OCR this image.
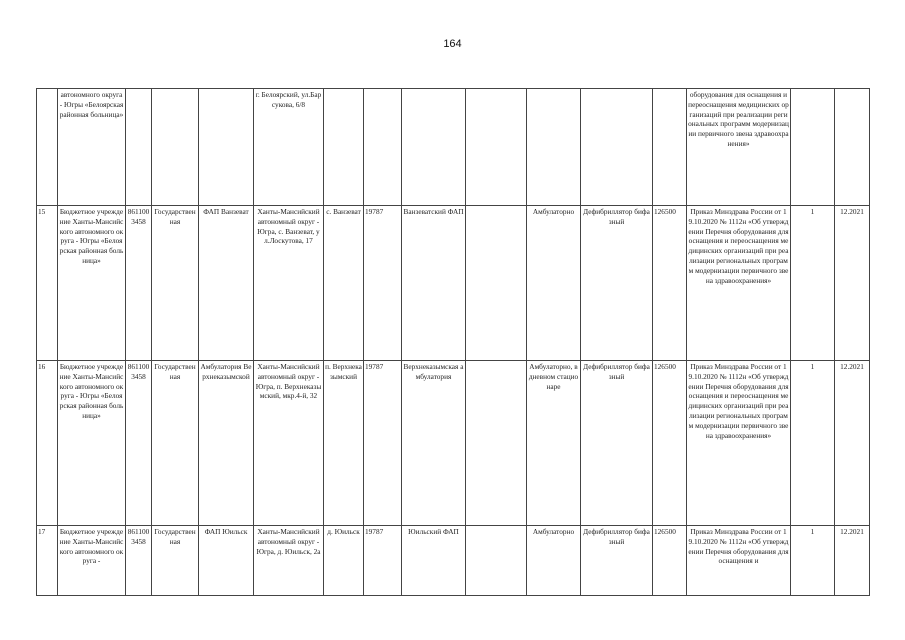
164
	автономного округа - Югры «Белоярская районная больница»				г. Белоярский, ул.Барсукова, 6/8								оборудования для оснащения и переоснащения медицинских организаций при реализации региональных программ модернизации первичного звена здравоохранения»		
15	Бюджетное учреждение Ханты-Мансийского автономного округа - Югры «Белоярская районная больница»	8611003458	Государственная	ФАП Ванзеват	Ханты-Мансийский автономный округ - Югра, с. Ванзеват, ул.Лоскутова, 17	с. Ванзеват	19787	Ванзеватский ФАП		Амбулаторно	Дефибриллятор бифазный	126500	Приказ Минздрава России от 19.10.2020 № 1112н «Об утверждении Перечня оборудования для оснащения и переоснащения медицинских организаций при реализации региональных программ модернизации первичного звена здравоохранения»	1	12.2021
16	Бюджетное учреждение Ханты-Мансийского автономного округа - Югры «Белоярская районная больница»	8611003458	Государственная	Амбулатория Верхнеказымской	Ханты-Мансийский автономный округ - Югра, п. Верхнеказымский, мкр.4-й, 32	п. Верхнеказымский	19787	Верхнеказымская амбулатория		Амбулаторно, в дневном стационаре	Дефибриллятор бифазный	126500	Приказ Минздрава России от 19.10.2020 № 1112н «Об утверждении Перечня оборудования для оснащения и переоснащения медицинских организаций при реализации региональных программ модернизации первичного звена здравоохранения»	1	12.2021
17	Бюджетное учреждение Ханты-Мансийского автономного округа -	8611003458	Государственная	ФАП Юильск	Ханты-Мансийский автономный округ - Югра, д. Юильск, 2а	д. Юильск	19787	Юильский ФАП		Амбулаторно	Дефибриллятор бифазный	126500	Приказ Минздрава России от 19.10.2020 № 1112н «Об утверждении Перечня оборудования для оснащения и	1	12.2021
